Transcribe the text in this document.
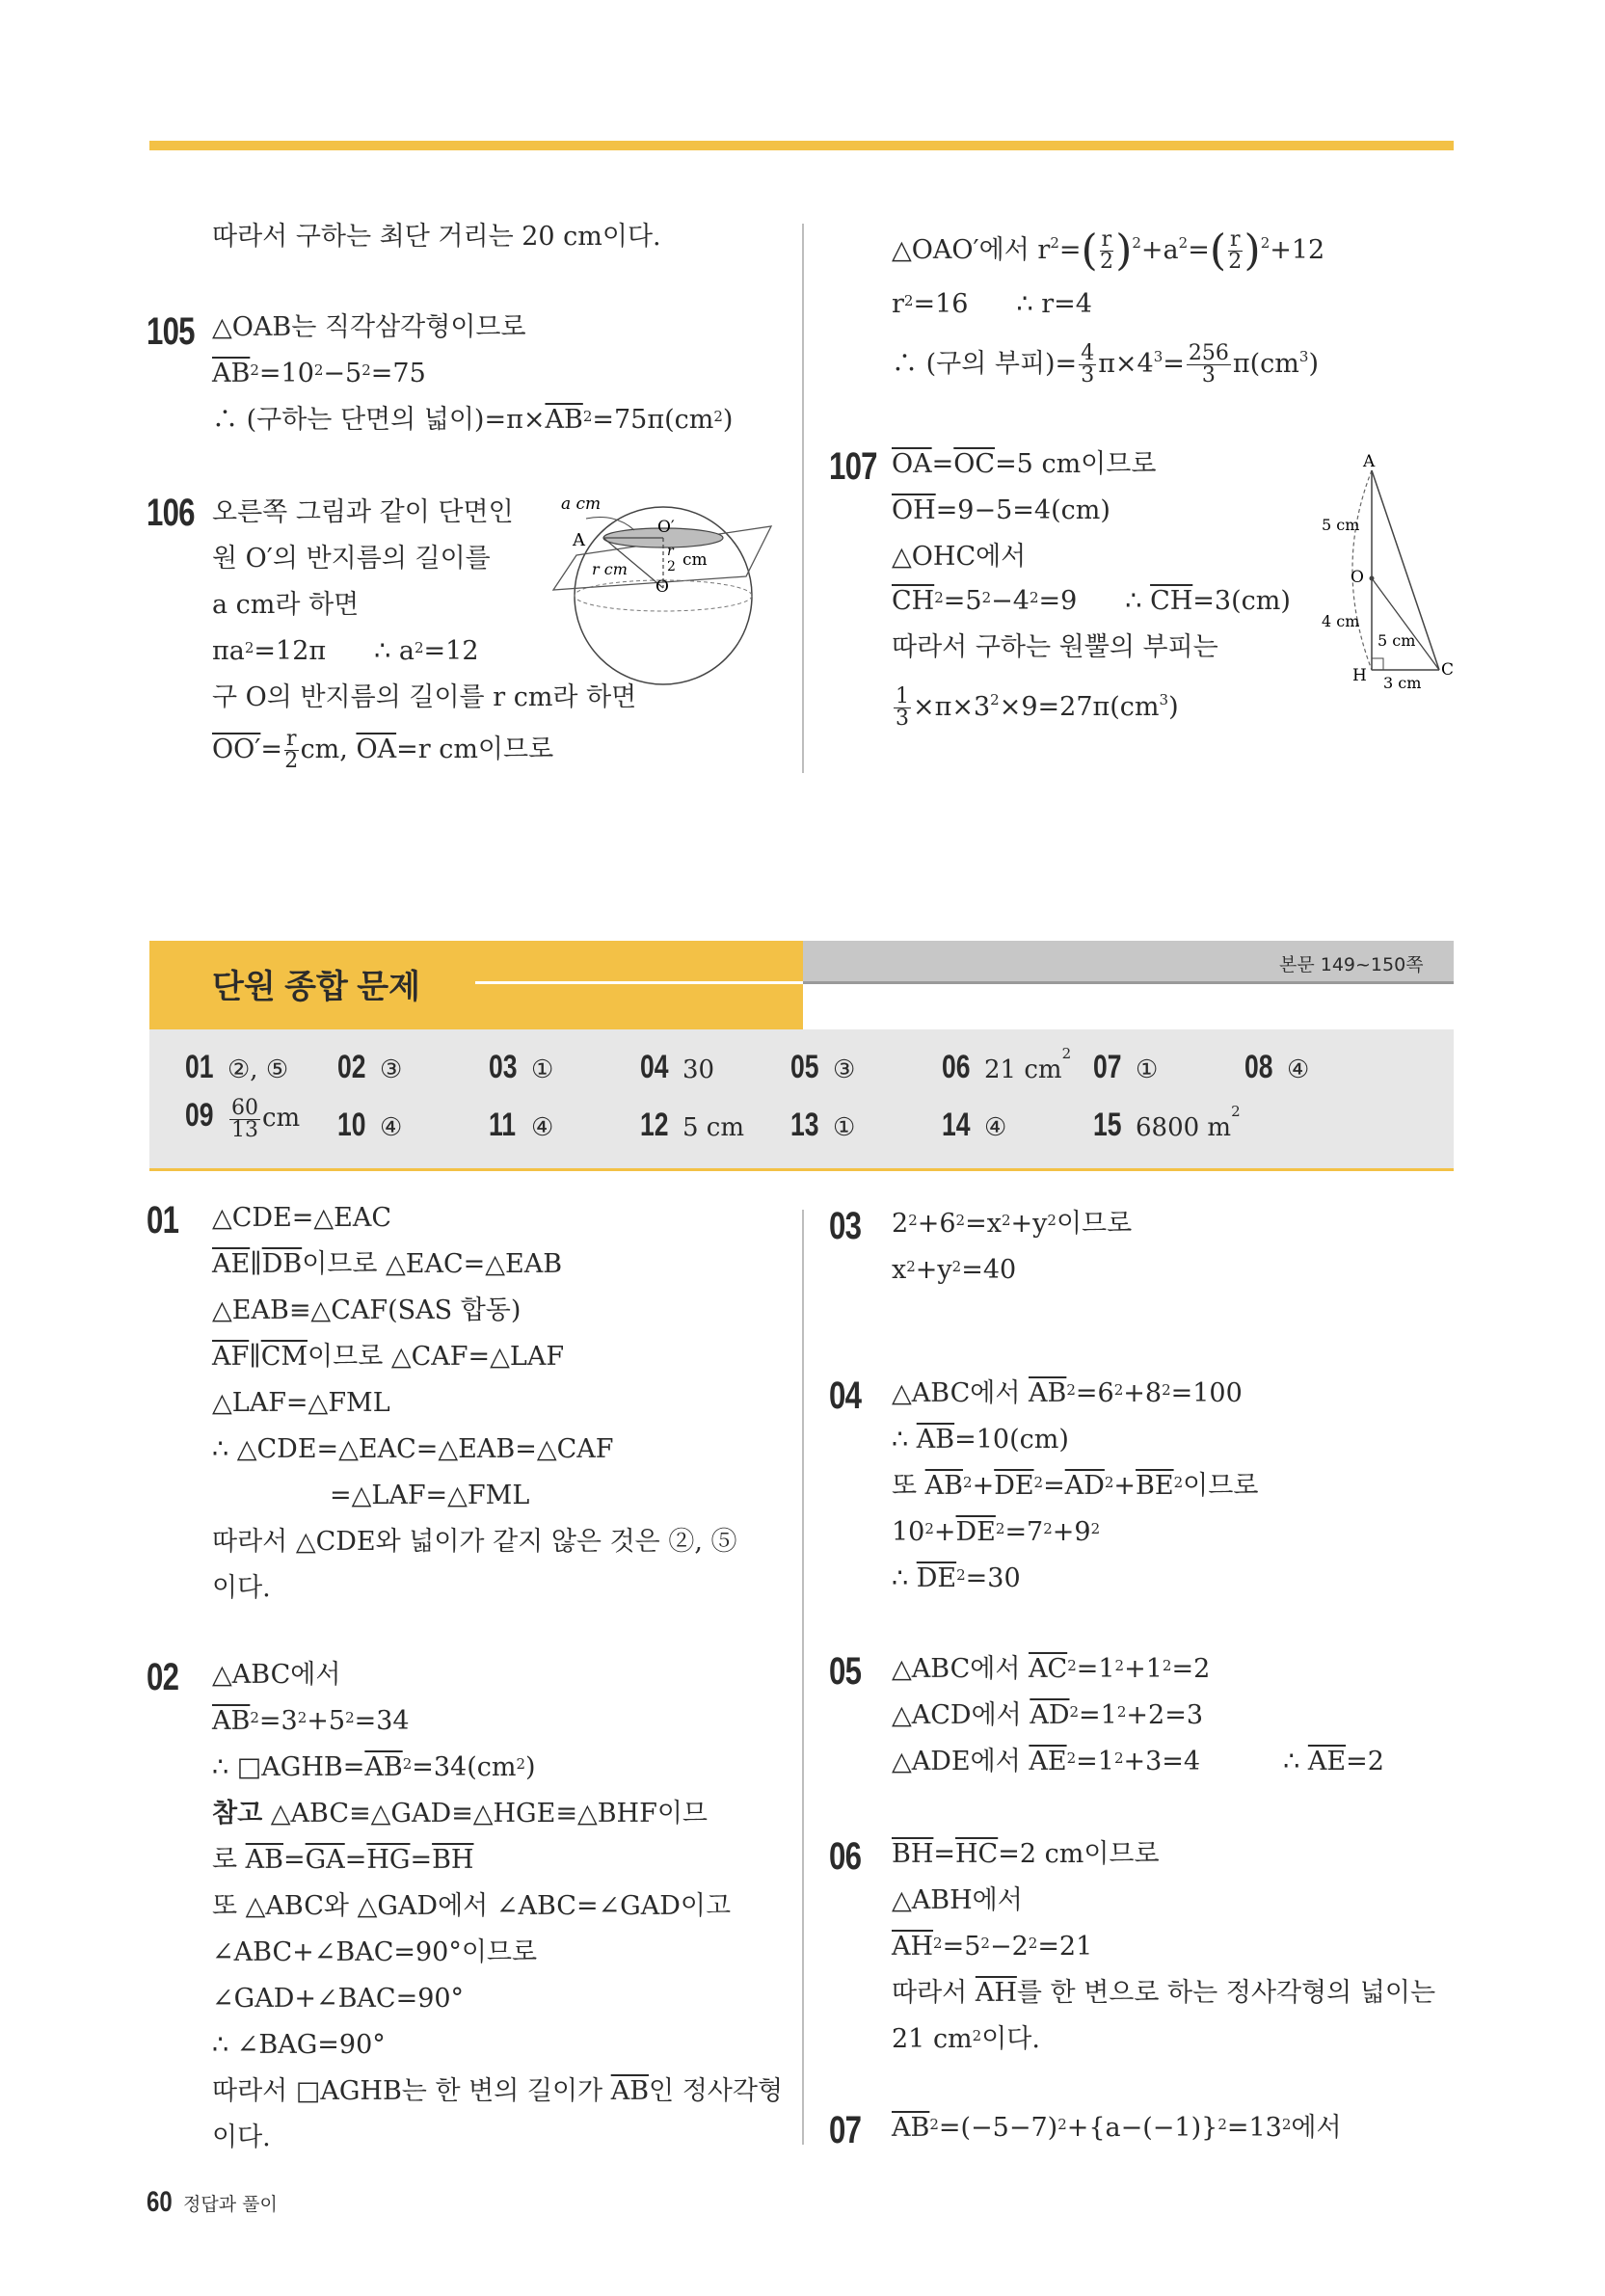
따라서 구하는 최단 거리는 20 cm이다.
105 △OAB는 직각삼각형이므로
$\overline{AB}^2=10^2-5^2=75$
∴ (구하는 단면의 넓이)$=\pi\times\overline{AB}^2=75\pi(cm^2)$
106 오른쪽 그림과 같이 단면인
원 O′의 반지름의 길이를
a cm라 하면
$\pi a^2=12\pi$ ∴ $a^2=12$
구 O의 반지름의 길이를 r cm라 하면
$OO'= \frac{r}{2}$ cm, $\overline{OA}=r$ cm이므로
a cm
A
O′
r
2 cm
r cm
O
△OAO′에서 $r^2=( \frac{r}{2} )^2+a^2=( \frac{r}{2} )^2+12$
$r^2=16$ ∴ r=4
∴ (구의 부피)= $\frac{4}{3} \pi\times 4^3= \frac{256}{3} \pi(cm^3)$
107 $\overline{OA}=\overline{OC}=5$ cm이므로
$\overline{OH}=9-5=4(cm)$
△OHC에서
$\overline{CH}^2=5^2-4^2=9$ ∴ $\overline{CH}=3(cm)$
따라서 구하는 원뿔의 부피는
$\frac{1}{3} \times\pi\times 3^2\times 9=27\pi(cm^3)$
A
5 cm
O
4 cm
5 cm
H 3 cm
C
단원 종합 문제
본문 149~150쪽
01 ②, ⑤ 02 ③	03 ①	04 30 05 ③	06 21 $cm^2$ 07 ①	08 ④
$09 \frac{60}{13}$ cm 10 ④	11 ④	12 5 cm 13 ①	14 ④	15 6800 $m^2$
01 △CDE=△EAC
$\overline{AE}\parallel\overline{DB}$이므로 △EAC=△EAB
△EAB≡△CAF(SAS 합동)
$\overline{AF}\parallel\overline{CM}$이므로 △CAF=△LAF
△LAF=△FML
∴ △CDE=△EAC=△EAB=△CAF
=△LAF=△FML
따라서 △CDE와 넓이가 같지 않은 것은 ②, ⑤
이다.
02 △ABC에서
$\overline{AB}^2=3^2+5^2=34$
∴ $□AGHB=\overline{AB}^2=34(cm^2)$
참고 △ABC≡△GAD≡△HGE≡△BHF이므
로 $\overline{AB}=\overline{GA}=\overline{HG}=\overline{BH}$
또 △ABC와 △GAD에서 ∠ABC=∠GAD이고
∠ABC+∠BAC=90°이므로
∠GAD+∠BAC=90°
∴ ∠BAG=90°
따라서 □AGHB는 한 변의 길이가 $\overline{AB}$인 정사각형
이다.
03 $2^2+6^2=x^2+y^2$이므로
$x^2+y^2=40$
04 △ABC에서 $\overline{AB}^2=6^2+8^2=100$
∴ $\overline{AB}=10(cm)$
또 $\overline{AB}^2+\overline{DE}^2=\overline{AD}^2+\overline{BE}^2$이므로
$10^2+\overline{DE}^2=7^2+9^2$
∴ $\overline{DE}^2=30$
05 △ABC에서 $\overline{AC}^2=1^2+1^2=2$
△ACD에서 $\overline{AD}^2=1^2+2=3$
△ADE에서 $\overline{AE}^2=1^2+3=4$	∴ $\overline{AE}=2$
06 $\overline{BH}=\overline{HC}=2$ cm이므로
△ABH에서
$\overline{AH}^2=5^2-2^2=21$
따라서 $\overline{AH}$를 한 변으로 하는 정사각형의 넓이는
21 $cm^2$이다.
07 $\overline{AB}^2=(-5-7)^2+\{a-(-1)\}^2=13^2$에서
60 정답과 풀이
